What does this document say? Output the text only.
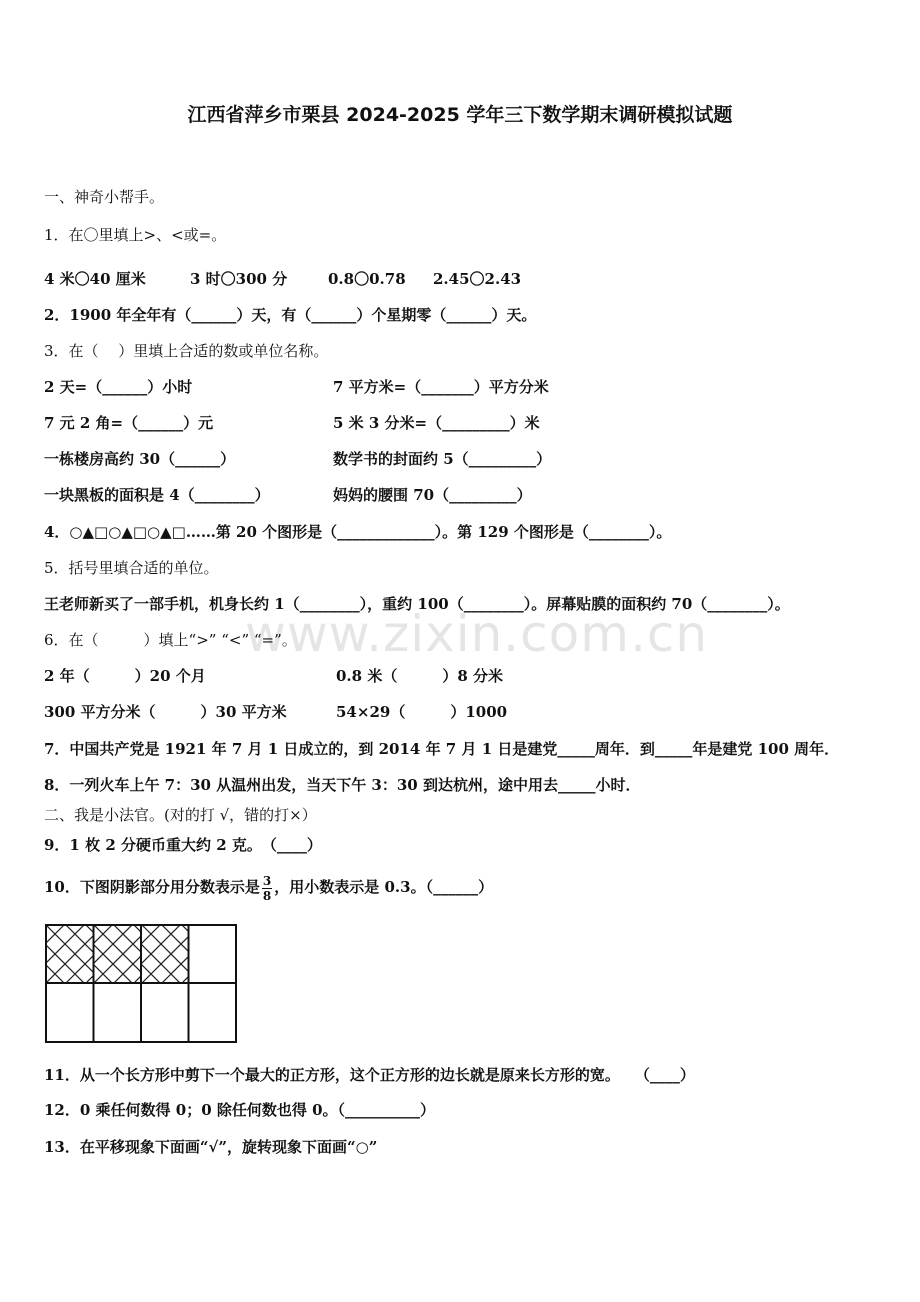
江西省萍乡市栗县 2024-2025 学年三下数学期末调研模拟试题
www.zixin.com.cn
一、神奇小帮手。
1．在〇里填上>、<或=。
4 米〇40 厘米	3 时〇300 分	0.8〇0.78 2.45〇2.43
2．1900 年全年有（______）天，有（______）个星期零（______）天。
3．在（　 ）里填上合适的数或单位名称。
2 天=（______）小时	7 平方米=（_______）平方分米
7 元 2 角=（______）元	5 米 3 分米=（_________）米
一栋楼房高约 30（______）	数学书的封面约 5（_________）
一块黑板的面积是 4（________）	妈妈的腰围 70（_________）
4．○▲□○▲□○▲□……第 20 个图形是（_____________）。第 129 个图形是（________）。
5．括号里填合适的单位。
王老师新买了一部手机，机身长约 1（________），重约 100（________）。屏幕贴膜的面积约 70（________）。
6．在（　　　）填上“>” “<” “=”。
2 年（　　　）20 个月	0.8 米（　　　）8 分米
300 平方分米（　　　）30 平方米	54×29（　　　）1000
7．中国共产党是 1921 年 7 月 1 日成立的，到 2014 年 7 月 1 日是建党_____周年．到_____年是建党 100 周年．
8．一列火车上午 7：30 从温州出发，当天下午 3：30 到达杭州，途中用去_____小时．
二、我是小法官。(对的打 √，错的打×）
9．1 枚 2 分硬币重大约 2 克。　（____）
10．下图阴影部分用分数表示是 $\frac{3}{8}$ ，用小数表示是 0.3。（______）
11．从一个长方形中剪下一个最大的正方形，这个正方形的边长就是原来长方形的宽。　　（____）
12．0 乘任何数得 0；0 除任何数也得 0。（__________）
13．在平移现象下面画“√”，旋转现象下面画“○”
